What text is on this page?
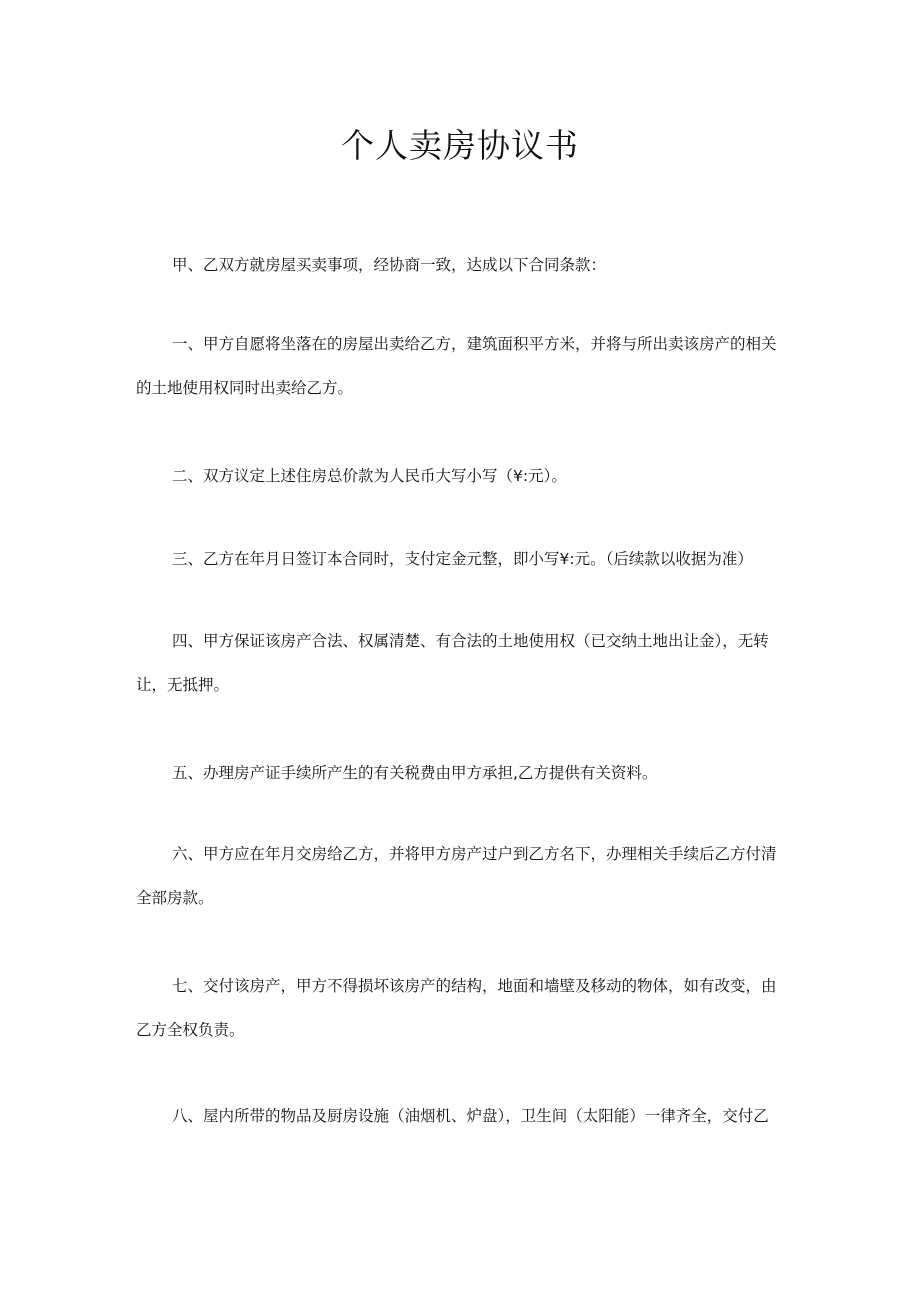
个人卖房协议书

甲、乙双方就房屋买卖事项，经协商一致，达成以下合同条款：

一、甲方自愿将坐落在的房屋出卖给乙方，建筑面积平方米，并将与所出卖该房产的相关
的土地使用权同时出卖给乙方。

二、双方议定上述住房总价款为人民币大写小写（¥:元）。

三、乙方在年月日签订本合同时，支付定金元整，即小写¥:元。（后续款以收据为准）

四、甲方保证该房产合法、权属清楚、有合法的土地使用权（已交纳土地出让金），无转
让，无抵押。

五、办理房产证手续所产生的有关税费由甲方承担,乙方提供有关资料。

六、甲方应在年月交房给乙方，并将甲方房产过户到乙方名下，办理相关手续后乙方付清
全部房款。

七、交付该房产，甲方不得损坏该房产的结构，地面和墙壁及移动的物体，如有改变，由
乙方全权负责。

八、屋内所带的物品及厨房设施（油烟机、炉盘），卫生间（太阳能）一律齐全，交付乙
